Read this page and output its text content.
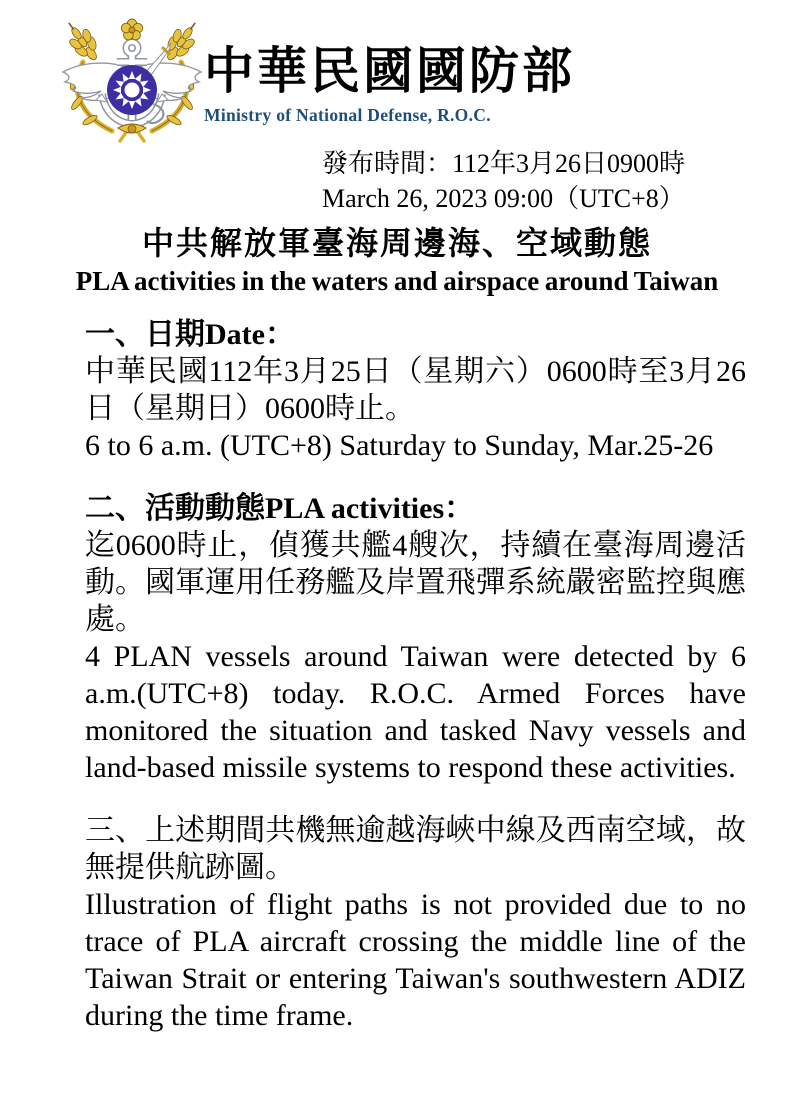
中華民國國防部
Ministry of National Defense, R.O.C.
發布時間：112年3月26日0900時
March 26, 2023 09:00（UTC+8）
中共解放軍臺海周邊海、空域動態
PLA activities in the waters and airspace around Taiwan
一、日期Date：
中華民國112年3月25日（星期六）0600時至3月26日（星期日）0600時止。
6 to 6 a.m. (UTC+8) Saturday to Sunday, Mar.25-26
二、活動動態PLA activities：
迄0600時止，偵獲共艦4艘次，持續在臺海周邊活動。國軍運用任務艦及岸置飛彈系統嚴密監控與應處。
4 PLAN vessels around Taiwan were detected by 6 a.m.(UTC+8) today. R.O.C. Armed Forces have monitored the situation and tasked Navy vessels and land-based missile systems to respond these activities.
三、上述期間共機無逾越海峽中線及西南空域，故無提供航跡圖。
Illustration of flight paths is not provided due to no trace of PLA aircraft crossing the middle line of the Taiwan Strait or entering Taiwan's southwestern ADIZ during the time frame.
